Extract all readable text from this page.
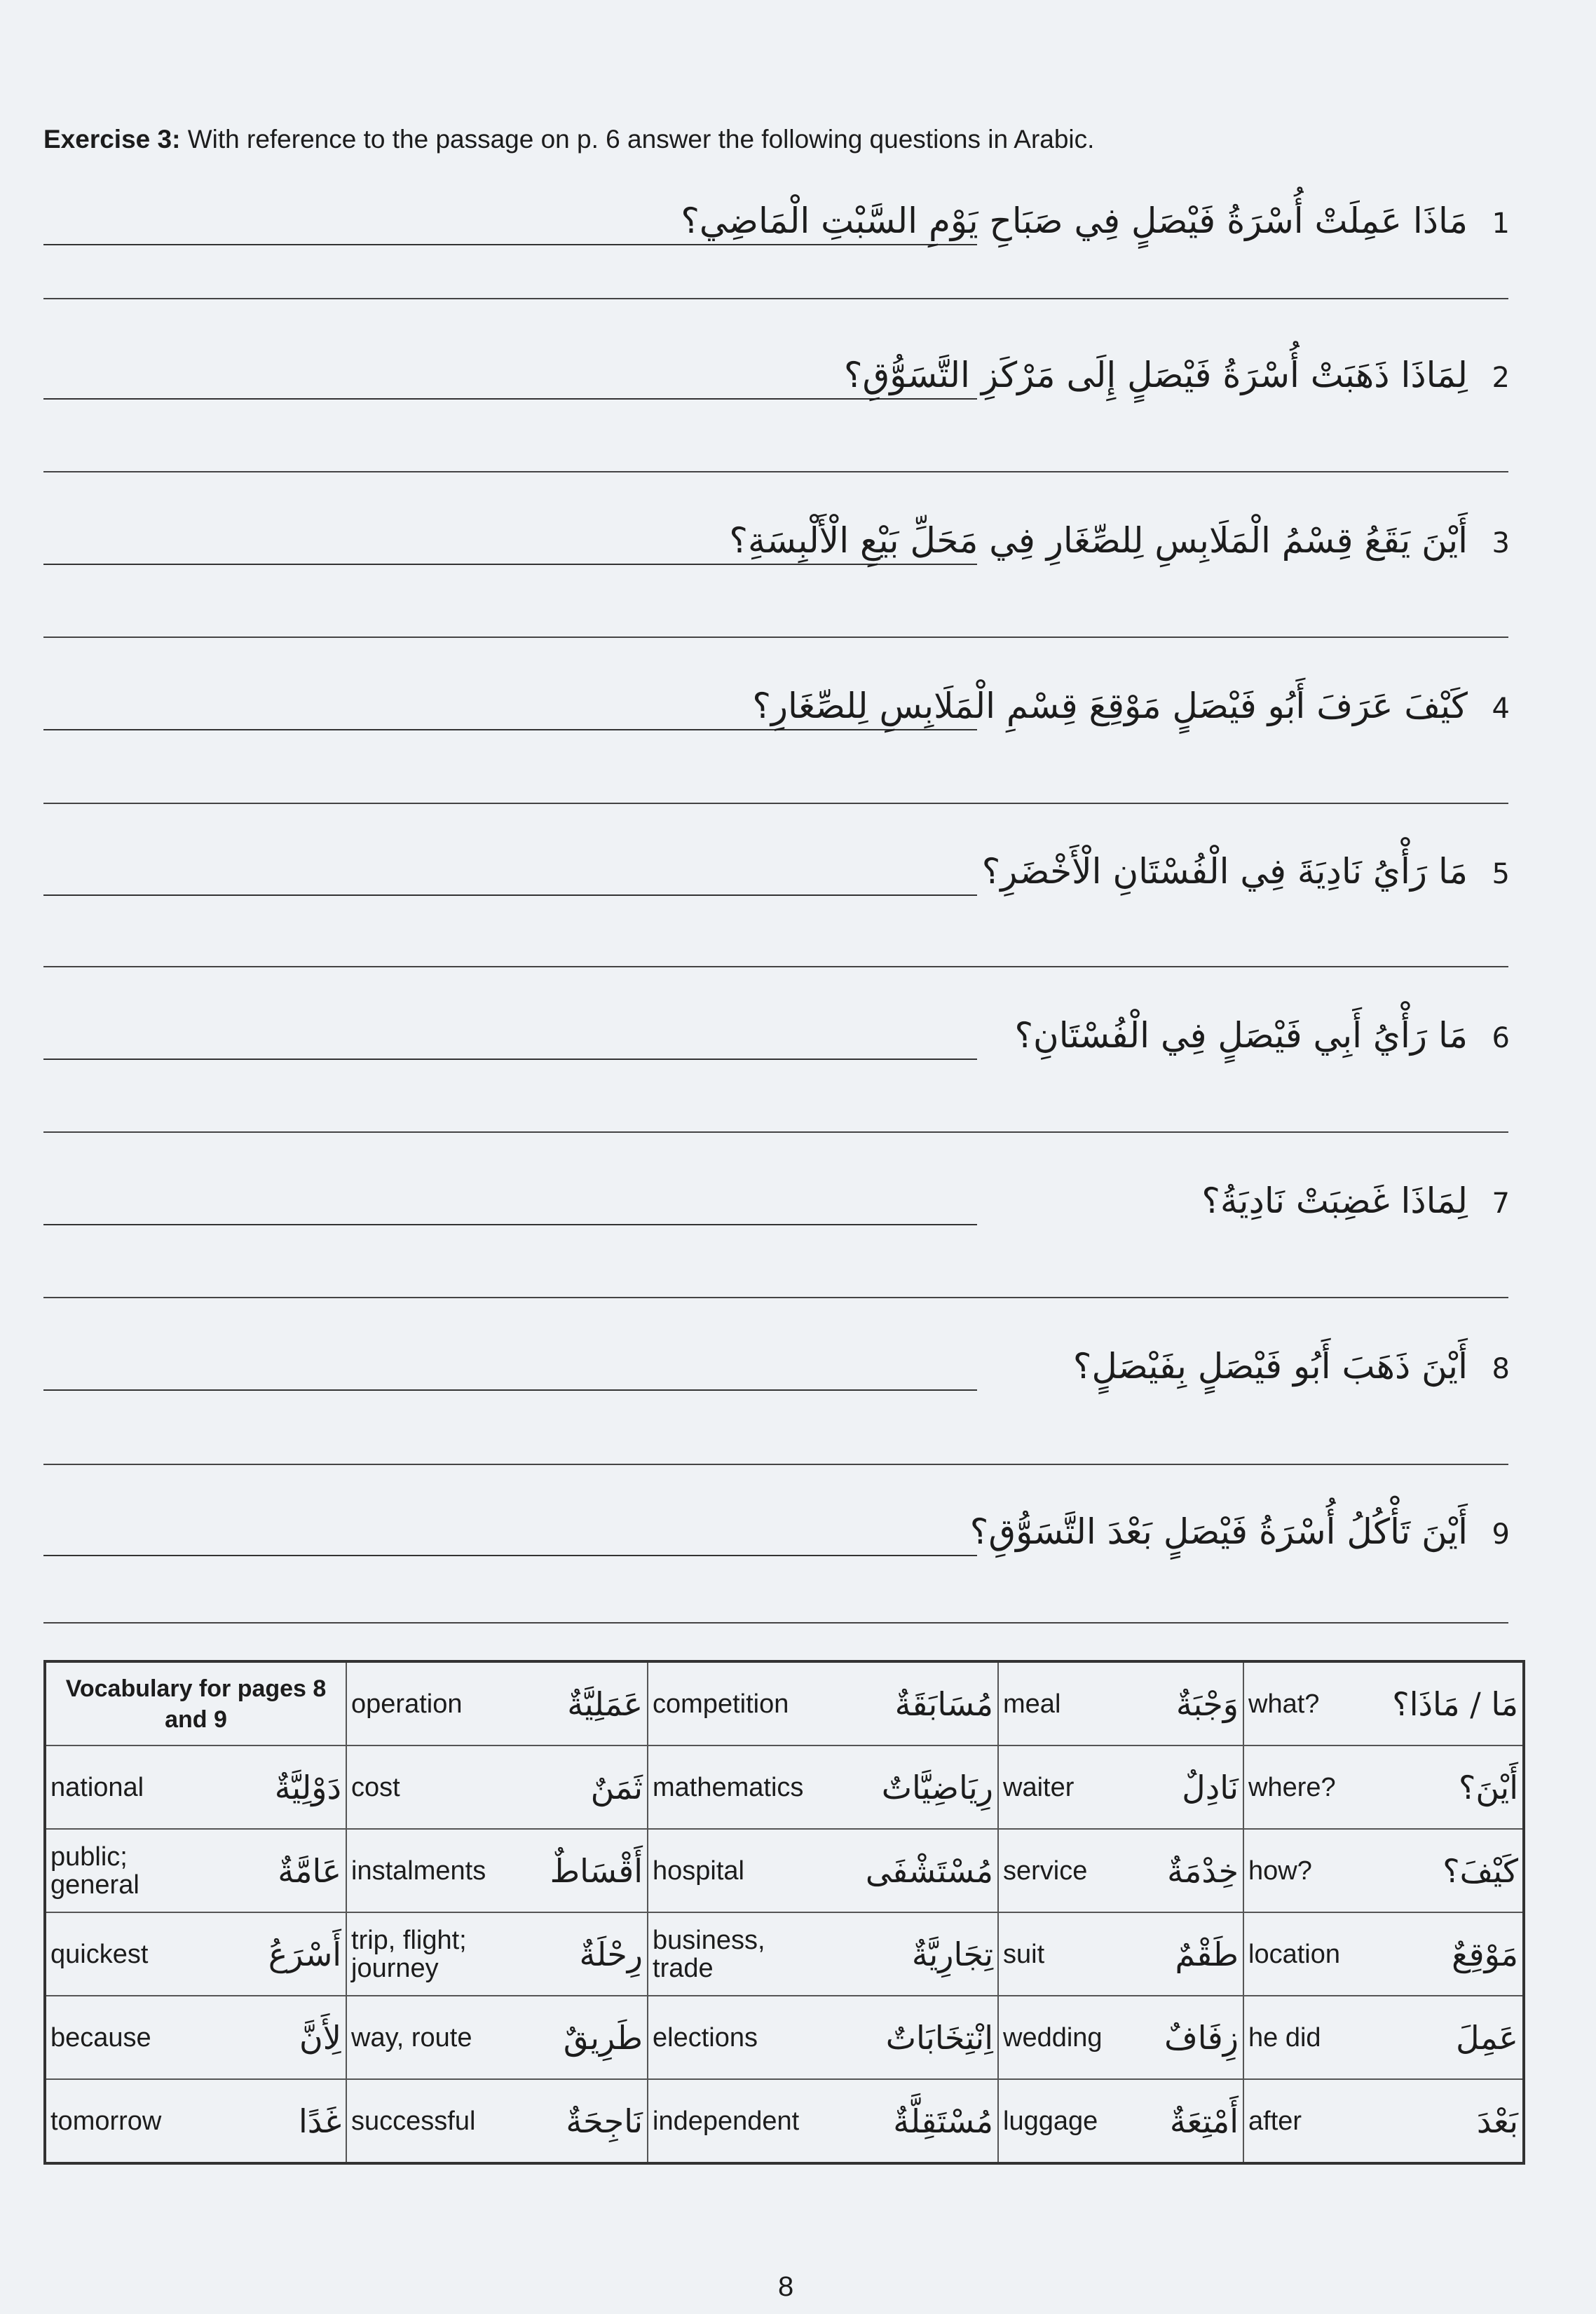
Exercise 3: With reference to the passage on p. 6 answer the following questions in Arabic.
مَاذَا عَمِلَتْ أُسْرَةُ فَيْصَلٍ فِي صَبَاحِ يَوْمِ السَّبْتِ الْمَاضِي؟ 1
لِمَاذَا ذَهَبَتْ أُسْرَةُ فَيْصَلٍ إِلَى مَرْكَزِ التَّسَوُّقِ؟ 2
أَيْنَ يَقَعُ قِسْمُ الْمَلَابِسِ لِلصِّغَارِ فِي مَحَلِّ بَيْعِ الْأَلْبِسَةِ؟ 3
كَيْفَ عَرَفَ أَبُو فَيْصَلٍ مَوْقِعَ قِسْمِ الْمَلَابِسِ لِلصِّغَارِ؟ 4
مَا رَأْيُ نَادِيَةَ فِي الْفُسْتَانِ الْأَخْضَرِ؟ 5
مَا رَأْيُ أَبِي فَيْصَلٍ فِي الْفُسْتَانِ؟ 6
لِمَاذَا غَضِبَتْ نَادِيَةُ؟ 7
أَيْنَ ذَهَبَ أَبُو فَيْصَلٍ بِفَيْصَلٍ؟ 8
أَيْنَ تَأْكُلُ أُسْرَةُ فَيْصَلٍ بَعْدَ التَّسَوُّقِ؟ 9
Vocabulary for pages 8 and 9		operation	عَمَلِيَّةٌ	competition	مُسَابَقَةٌ	meal	وَجْبَةٌ	what?	مَا / مَاذَا؟
national	دَوْلِيَّةٌ	cost	ثَمَنٌ	mathematics	رِيَاضِيَّاتٌ	waiter	نَادِلٌ	where?	أَيْنَ؟
public; general	عَامَّةٌ	instalments	أَقْسَاطٌ	hospital	مُسْتَشْفَى	service	خِدْمَةٌ	how?	كَيْفَ؟
quickest	أَسْرَعُ	trip, flight; journey	رِحْلَةٌ	business, trade	تِجَارِيَّةٌ	suit	طَقْمٌ	location	مَوْقِعٌ
because	لِأَنَّ	way, route	طَرِيقٌ	elections	اِنْتِخَابَاتٌ	wedding	زِفَافٌ	he did	عَمِلَ
tomorrow	غَدًا	successful	نَاجِحَةٌ	independent	مُسْتَقِلَّةٌ	luggage	أَمْتِعَةٌ	after	بَعْدَ
8
